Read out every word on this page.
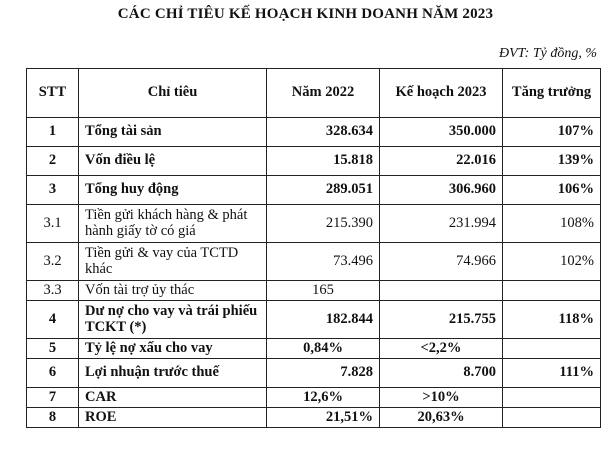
CÁC CHỈ TIÊU KẾ HOẠCH KINH DOANH NĂM 2023
ĐVT: Tỷ đồng, %
STT	Chỉ tiêu	Năm 2022	Kế hoạch 2023	Tăng trưởng
1	Tổng tài sản	328.634	350.000	107%
2	Vốn điều lệ	15.818	22.016	139%
3	Tổng huy động	289.051	306.960	106%
3.1	Tiền gửi khách hàng & phát hành giấy tờ có giá	215.390	231.994	108%
3.2	Tiền gửi & vay của TCTD khác	73.496	74.966	102%
3.3	Vốn tài trợ ủy thác	165		
4	Dư nợ cho vay và trái phiếu TCKT (*)	182.844	215.755	118%
5	Tỷ lệ nợ xấu cho vay	0,84%	<2,2%	
6	Lợi nhuận trước thuế	7.828	8.700	111%
7	CAR	12,6%	>10%	
8	ROE	21,51%	20,63%	
